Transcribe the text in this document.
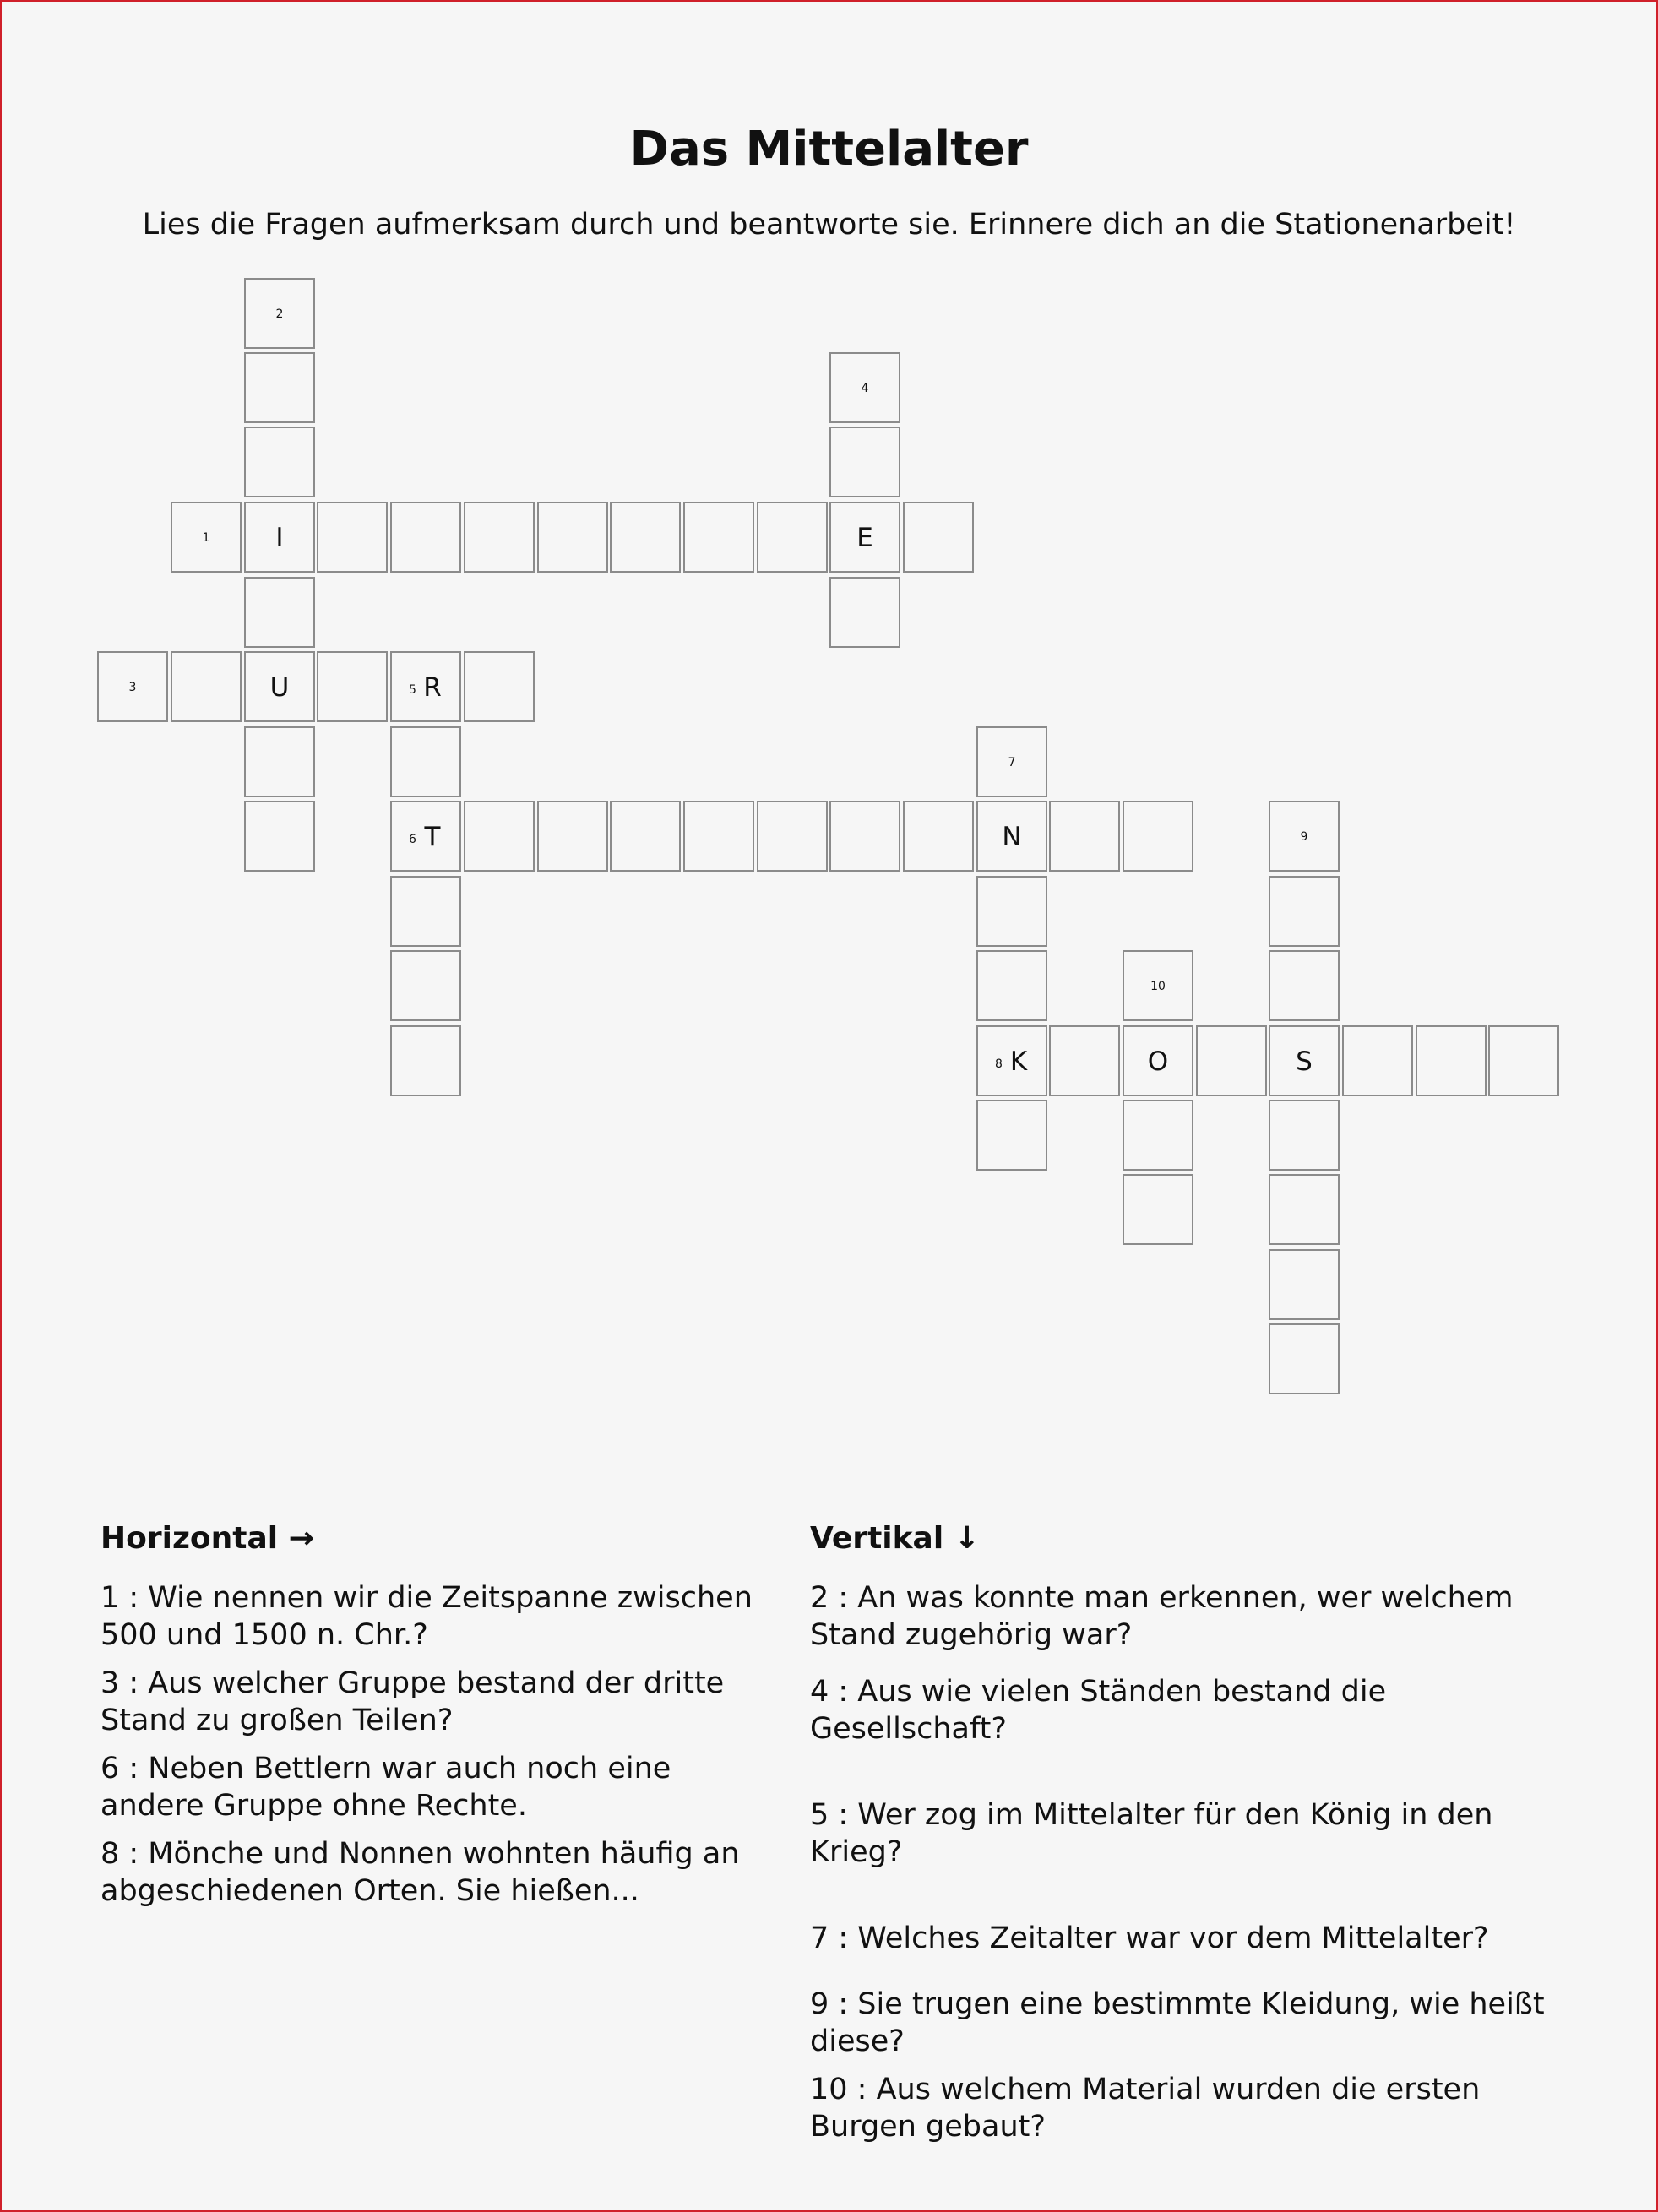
Das Mittelalter
Lies die Fragen aufmerksam durch und beantworte sie. Erinnere dich an die Stationenarbeit!
2
4
1	I	E
3	U	5 R
7
6 T	N	9
10
8 K	O	S
Horizontal →

1 : Wie nennen wir die Zeitspanne zwischen 500 und 1500 n. Chr.?

3 : Aus welcher Gruppe bestand der dritte Stand zu großen Teilen?

6 : Neben Bettlern war auch noch eine andere Gruppe ohne Rechte.

8 : Mönche und Nonnen wohnten häufig an abgeschiedenen Orten. Sie hießen...

Vertikal ↓

2 : An was konnte man erkennen, wer welchem Stand zugehörig war?

4 : Aus wie vielen Ständen bestand die Gesellschaft?

5 : Wer zog im Mittelalter für den König in den Krieg?

7 : Welches Zeitalter war vor dem Mittelalter?

9 : Sie trugen eine bestimmte Kleidung, wie heißt diese?

10 : Aus welchem Material wurden die ersten Burgen gebaut?
